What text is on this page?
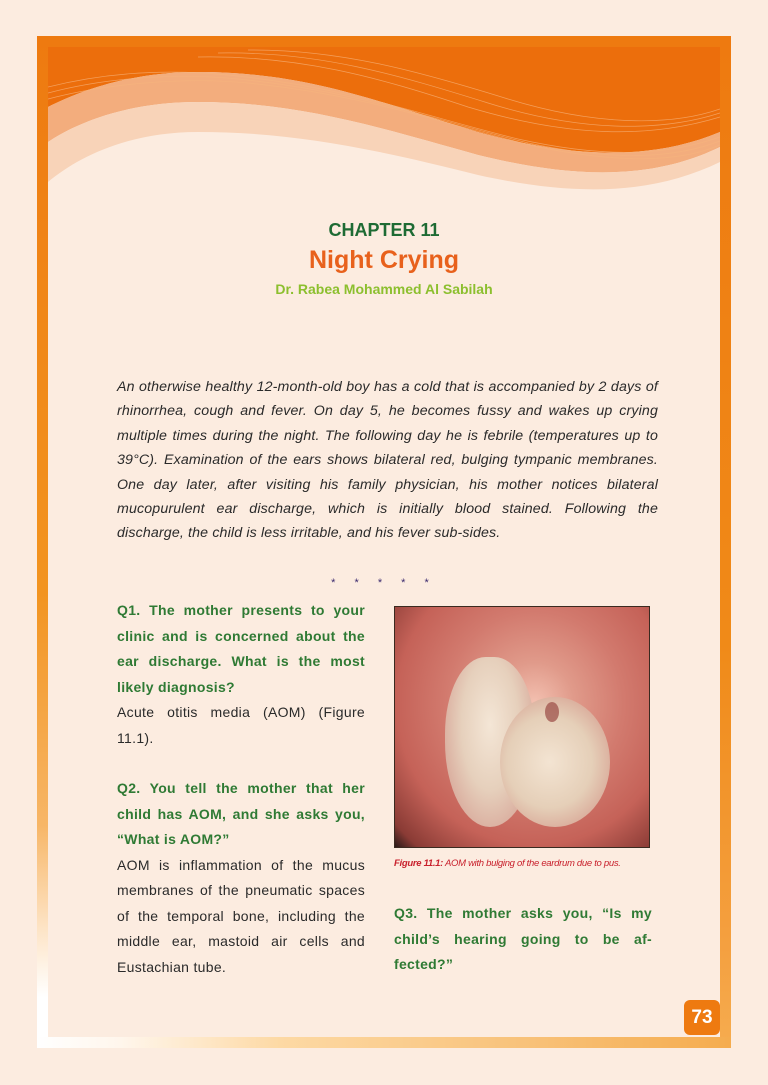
CHAPTER 11
Night Crying
Dr. Rabea Mohammed Al Sabilah
An otherwise healthy 12-month-old boy has a cold that is accompanied by 2 days of rhinorrhea, cough and fever. On day 5, he becomes fussy and wakes up crying multiple times during the night. The following day he is febrile (temperatures up to 39°C). Examination of the ears shows bilateral red, bulging tympanic membranes. One day later, after visiting his family physician, his mother notices bilateral mucopurulent ear discharge, which is initially blood stained. Following the discharge, the child is less irritable, and his fever sub-sides.
* * * * *
Q1. The mother presents to your clinic and is concerned about the ear discharge. What is the most likely diagnosis?
Acute otitis media (AOM) (Figure 11.1).
Q2. You tell the mother that her child has AOM, and she asks you, “What is AOM?”
AOM is inflammation of the mucus membranes of the pneumatic spaces of the temporal bone, including the middle ear, mastoid air cells and Eustachian tube.
Figure 11.1: AOM with bulging of the eardrum due to pus.
Q3. The mother asks you, “Is my child’s hearing going to be af-fected?”
73
